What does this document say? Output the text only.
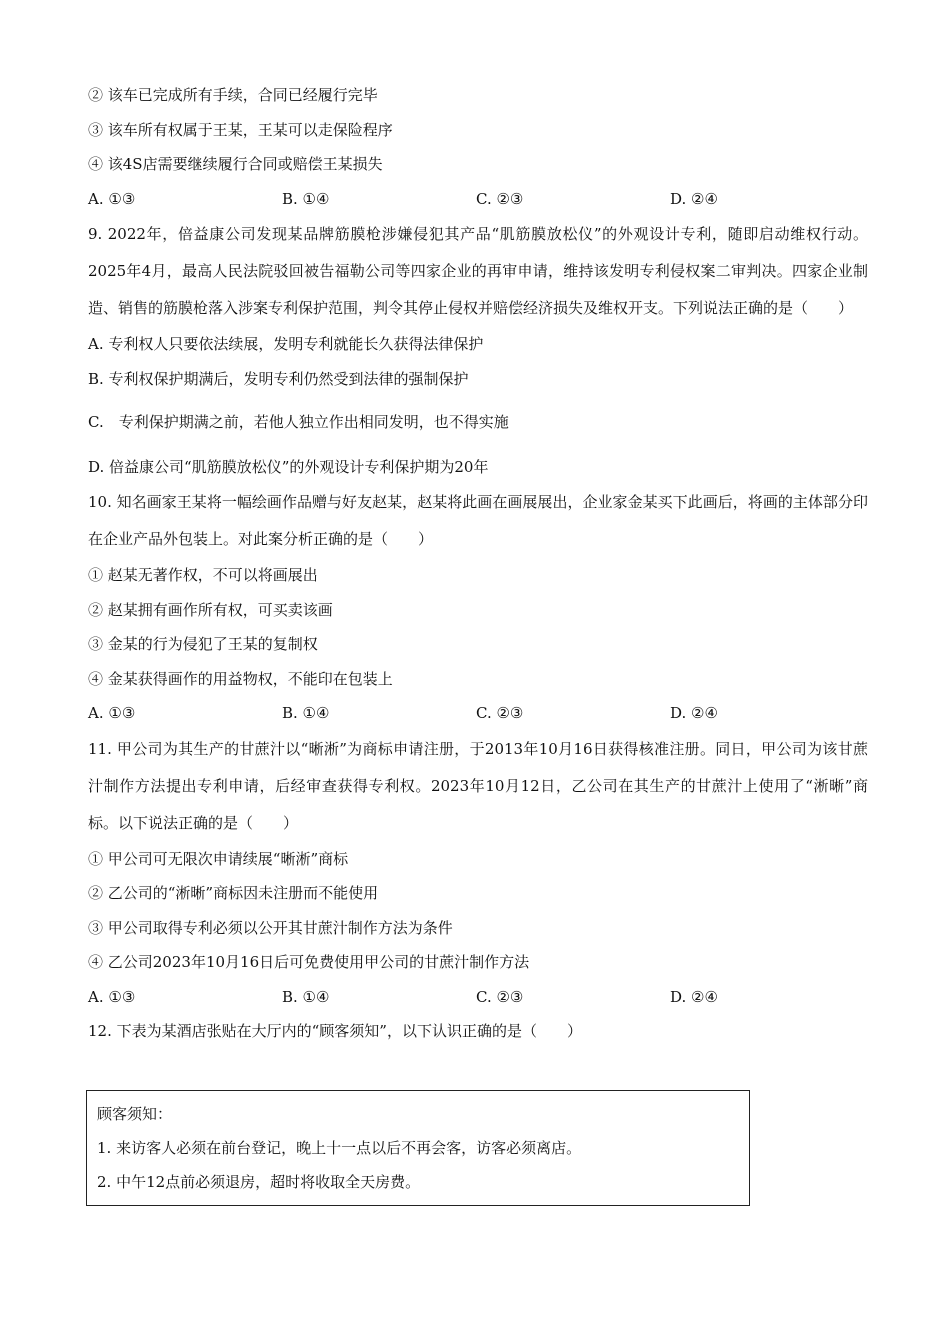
② 该车已完成所有手续，合同已经履行完毕
③ 该车所有权属于王某，王某可以走保险程序
④ 该4S店需要继续履行合同或赔偿王某损失
A. ①③	B. ①④	C. ②③	D. ②④
9. 2022年，倍益康公司发现某品牌筋膜枪涉嫌侵犯其产品“肌筋膜放松仪”的外观设计专利，随即启动维权行动。2025年4月，最高人民法院驳回被告福勒公司等四家企业的再审申请，维持该发明专利侵权案二审判决。四家企业制造、销售的筋膜枪落入涉案专利保护范围，判令其停止侵权并赔偿经济损失及维权开支。下列说法正确的是（　　）
A. 专利权人只要依法续展，发明专利就能长久获得法律保护
B. 专利权保护期满后，发明专利仍然受到法律的强制保护
C.　专利保护期满之前，若他人独立作出相同发明，也不得实施
D. 倍益康公司“肌筋膜放松仪”的外观设计专利保护期为20年
10. 知名画家王某将一幅绘画作品赠与好友赵某，赵某将此画在画展展出，企业家金某买下此画后，将画的主体部分印在企业产品外包装上。对此案分析正确的是（　　）
① 赵某无著作权，不可以将画展出
② 赵某拥有画作所有权，可买卖该画
③ 金某的行为侵犯了王某的复制权
④ 金某获得画作的用益物权，不能印在包装上
A. ①③	B. ①④	C. ②③	D. ②④
11. 甲公司为其生产的甘蔗汁以“晰淅”为商标申请注册，于2013年10月16日获得核准注册。同日，甲公司为该甘蔗汁制作方法提出专利申请，后经审查获得专利权。2023年10月12日，乙公司在其生产的甘蔗汁上使用了“淅晰”商标。以下说法正确的是（　　）
① 甲公司可无限次申请续展“晰淅”商标
② 乙公司的“淅晰”商标因未注册而不能使用
③ 甲公司取得专利必须以公开其甘蔗汁制作方法为条件
④ 乙公司2023年10月16日后可免费使用甲公司的甘蔗汁制作方法
A. ①③	B. ①④	C. ②③	D. ②④
12. 下表为某酒店张贴在大厅内的“顾客须知”，以下认识正确的是（　　）
顾客须知：
1. 来访客人必须在前台登记，晚上十一点以后不再会客，访客必须离店。
2. 中午12点前必须退房，超时将收取全天房费。
